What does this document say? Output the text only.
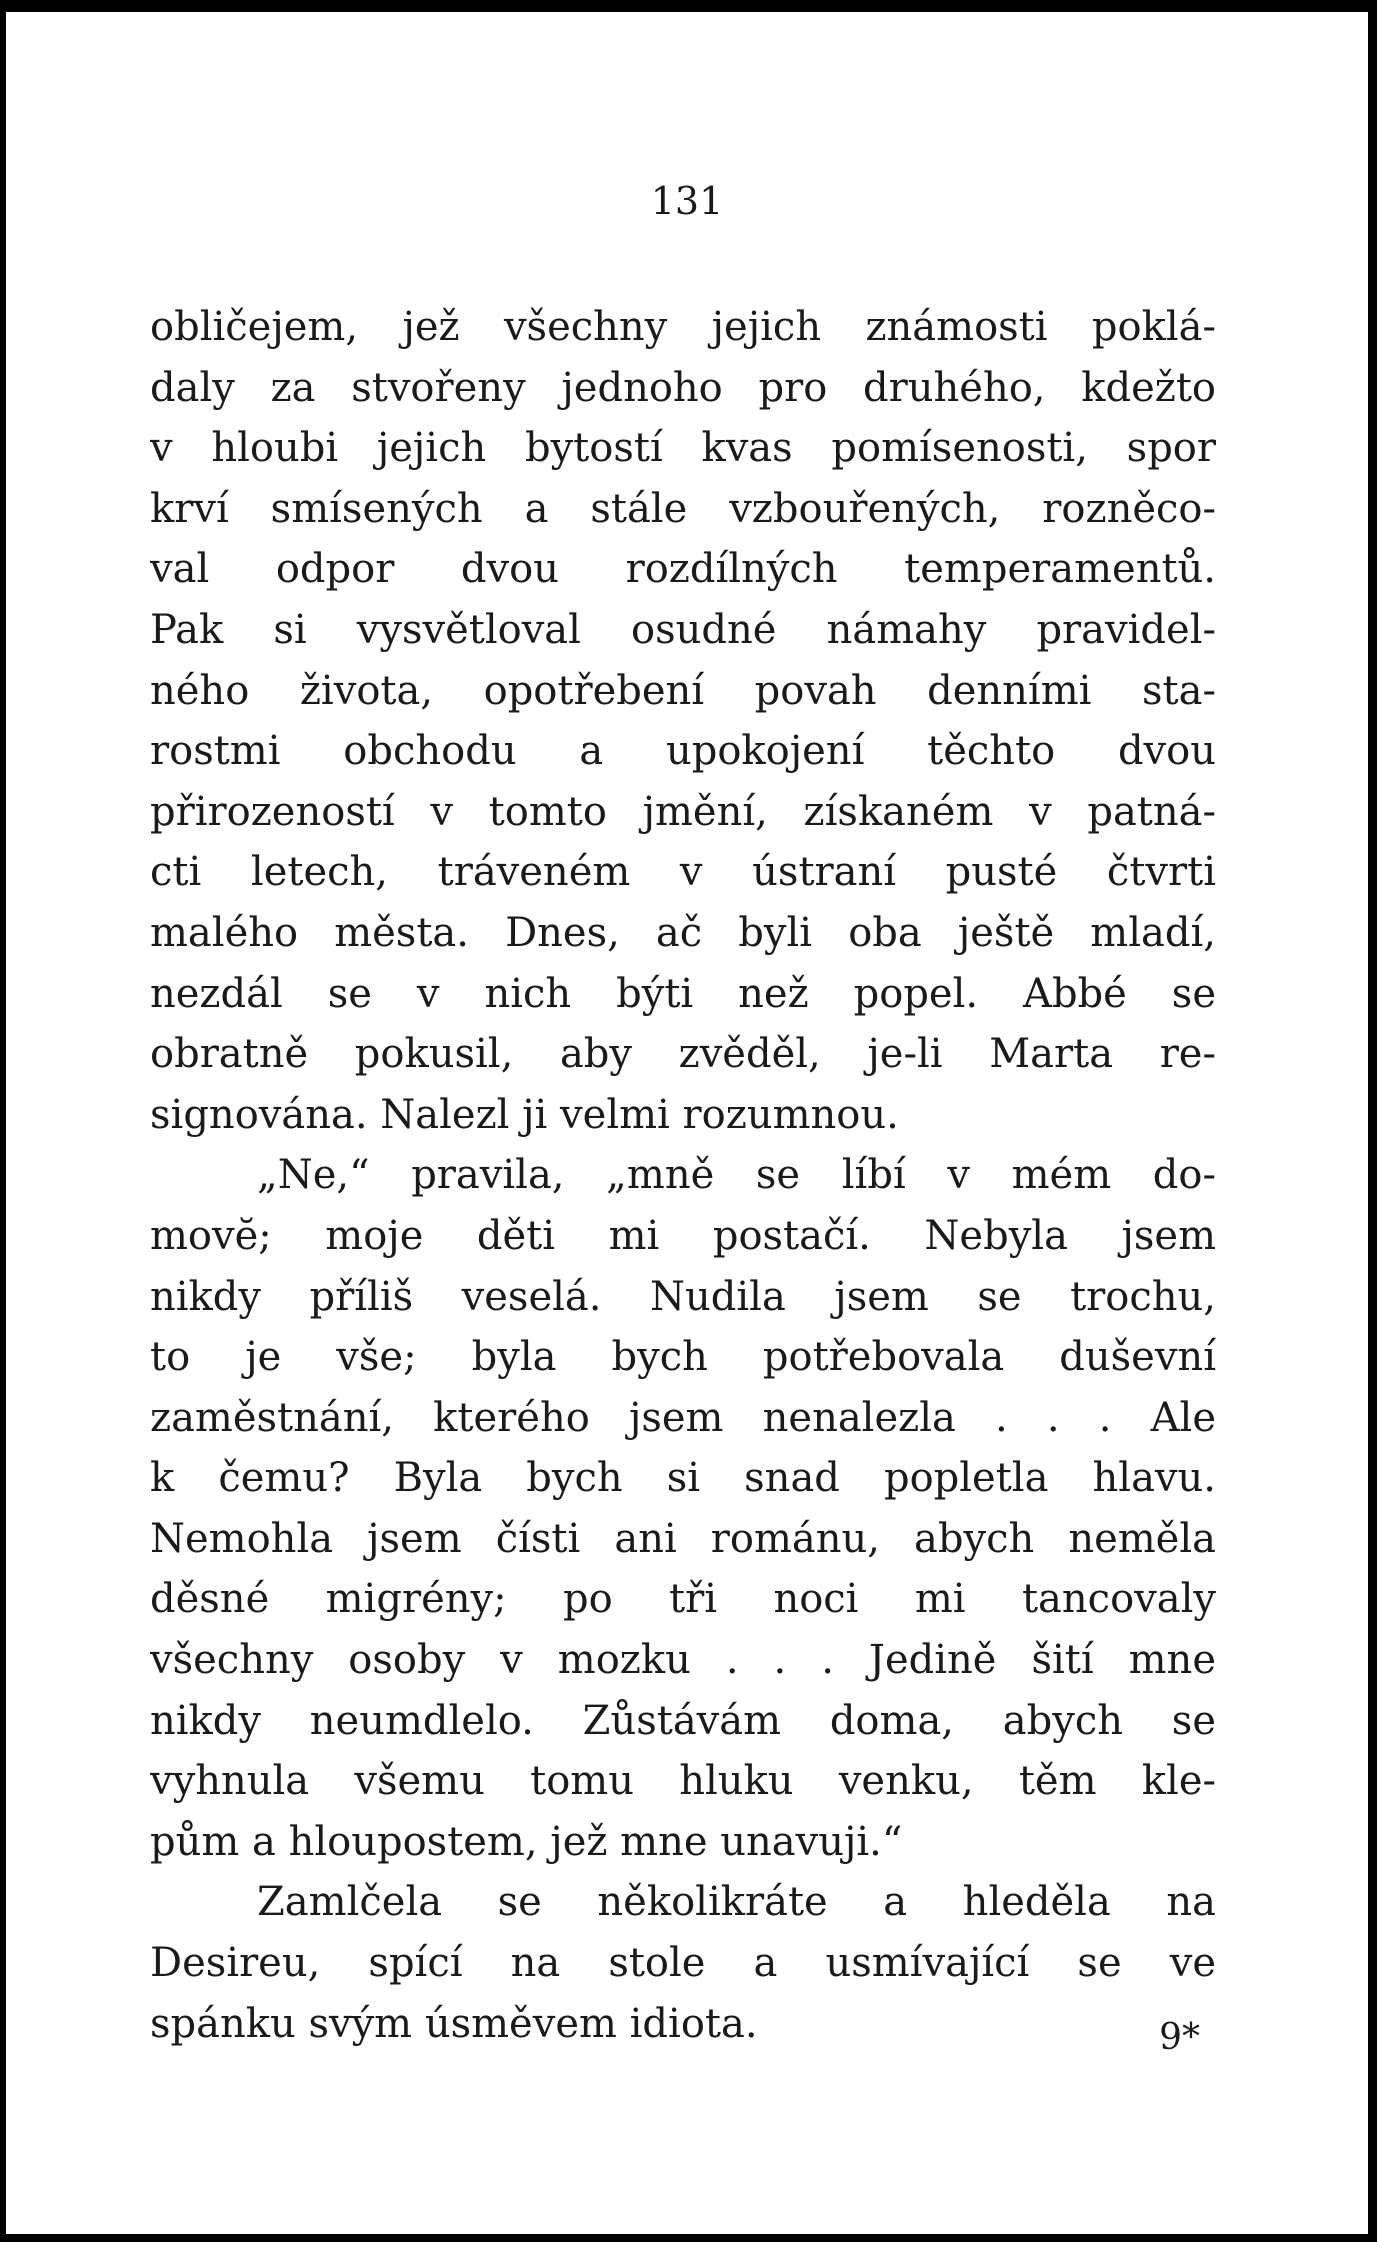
131
obličejem, jež všechny jejich známosti poklá-
daly za stvořeny jednoho pro druhého, kdežto
v hloubi jejich bytostí kvas pomísenosti, spor
krví smísených a stále vzbouřených, rozněco-
val odpor dvou rozdílných temperamentů.
Pak si vysvětloval osudné námahy pravidel-
ného života, opotřebení povah denními sta-
rostmi obchodu a upokojení těchto dvou
přirozeností v tomto jmění, získaném v patná-
cti letech, tráveném v ústraní pusté čtvrti
malého města. Dnes, ač byli oba ještě mladí,
nezdál se v nich býti než popel. Abbé se
obratně pokusil, aby zvěděl, je-li Marta re-
signována. Nalezl ji velmi rozumnou.
„Ne,“ pravila, „mně se líbí v mém do-
movĕ; moje děti mi postačí. Nebyla jsem
nikdy příliš veselá. Nudila jsem se trochu,
to je vše; byla bych potřebovala duševní
zaměstnání, kterého jsem nenalezla . . . Ale
k čemu? Byla bych si snad popletla hlavu.
Nemohla jsem čísti ani románu, abych neměla
děsné migrény; po tři noci mi tancovaly
všechny osoby v mozku . . . Jedině šití mne
nikdy neumdlelo. Zůstávám doma, abych se
vyhnula všemu tomu hluku venku, těm kle-
pům a hloupostem, jež mne unavuji.“
Zamlčela se několikráte a hleděla na
Desireu, spící na stole a usmívající se ve
spánku svým úsměvem idiota.	9*
